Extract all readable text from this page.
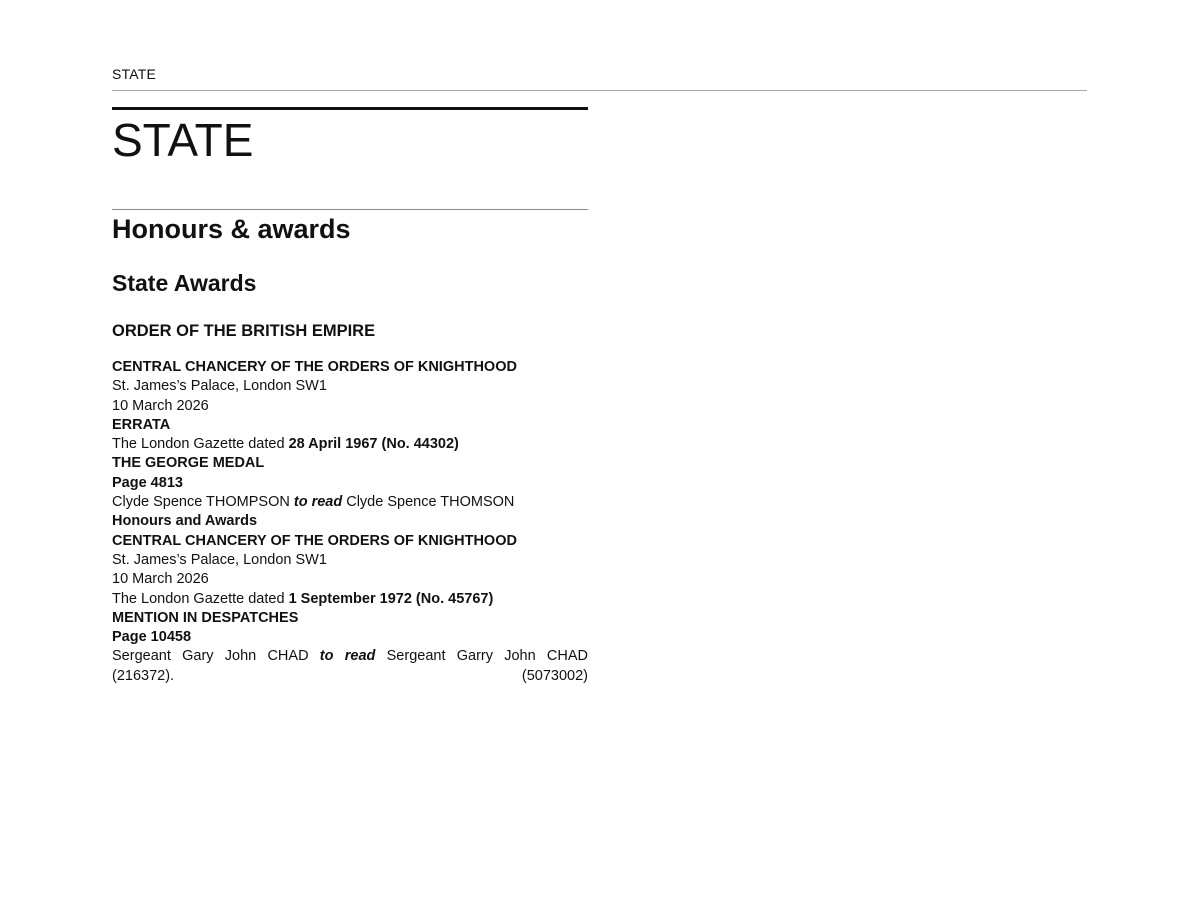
STATE
STATE
Honours & awards
State Awards
ORDER OF THE BRITISH EMPIRE
CENTRAL CHANCERY OF THE ORDERS OF KNIGHTHOOD
St. James’s Palace, London SW1
10 March 2026
ERRATA
The London Gazette dated 28 April 1967 (No. 44302)
THE GEORGE MEDAL
Page 4813
Clyde Spence THOMPSON to read Clyde Spence THOMSON
Honours and Awards
CENTRAL CHANCERY OF THE ORDERS OF KNIGHTHOOD
St. James’s Palace, London SW1
10 March 2026
The London Gazette dated 1 September 1972 (No. 45767)
MENTION IN DESPATCHES
Page 10458
Sergeant Gary John CHAD to read Sergeant Garry John CHAD
(216372).	(5073002)
